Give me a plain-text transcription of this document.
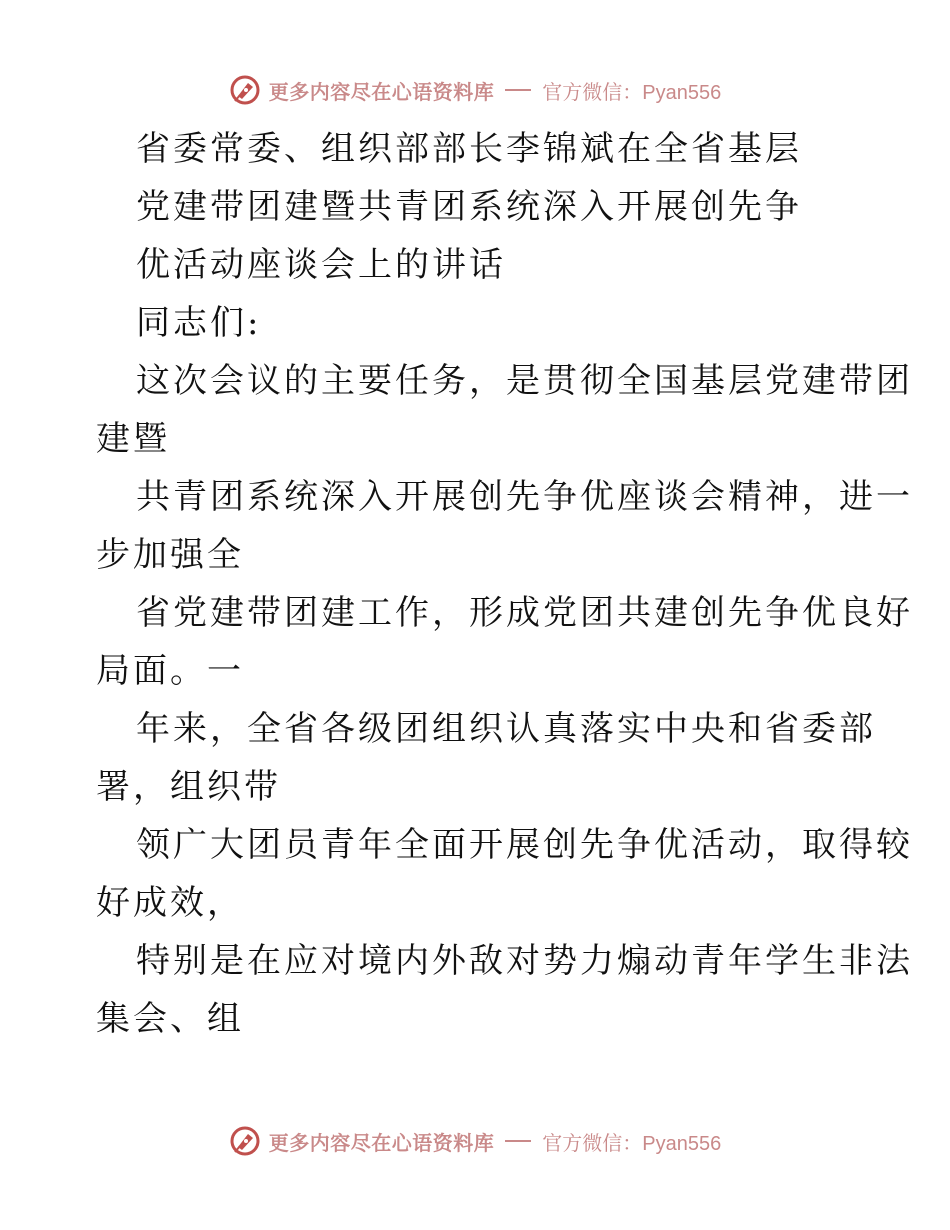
更多内容尽在心语资料库 官方微信：Pyan556

省委常委、组织部部长李锦斌在全省基层

党建带团建暨共青团系统深入开展创先争

优活动座谈会上的讲话

同志们:

这次会议的主要任务，是贯彻全国基层党建带团

建暨

共青团系统深入开展创先争优座谈会精神，进一

步加强全

省党建带团建工作，形成党团共建创先争优良好

局面。一

年来，全省各级团组织认真落实中央和省委部

署，组织带

领广大团员青年全面开展创先争优活动，取得较

好成效，

特别是在应对境内外敌对势力煽动青年学生非法

集会、组

更多内容尽在心语资料库 官方微信：Pyan556
